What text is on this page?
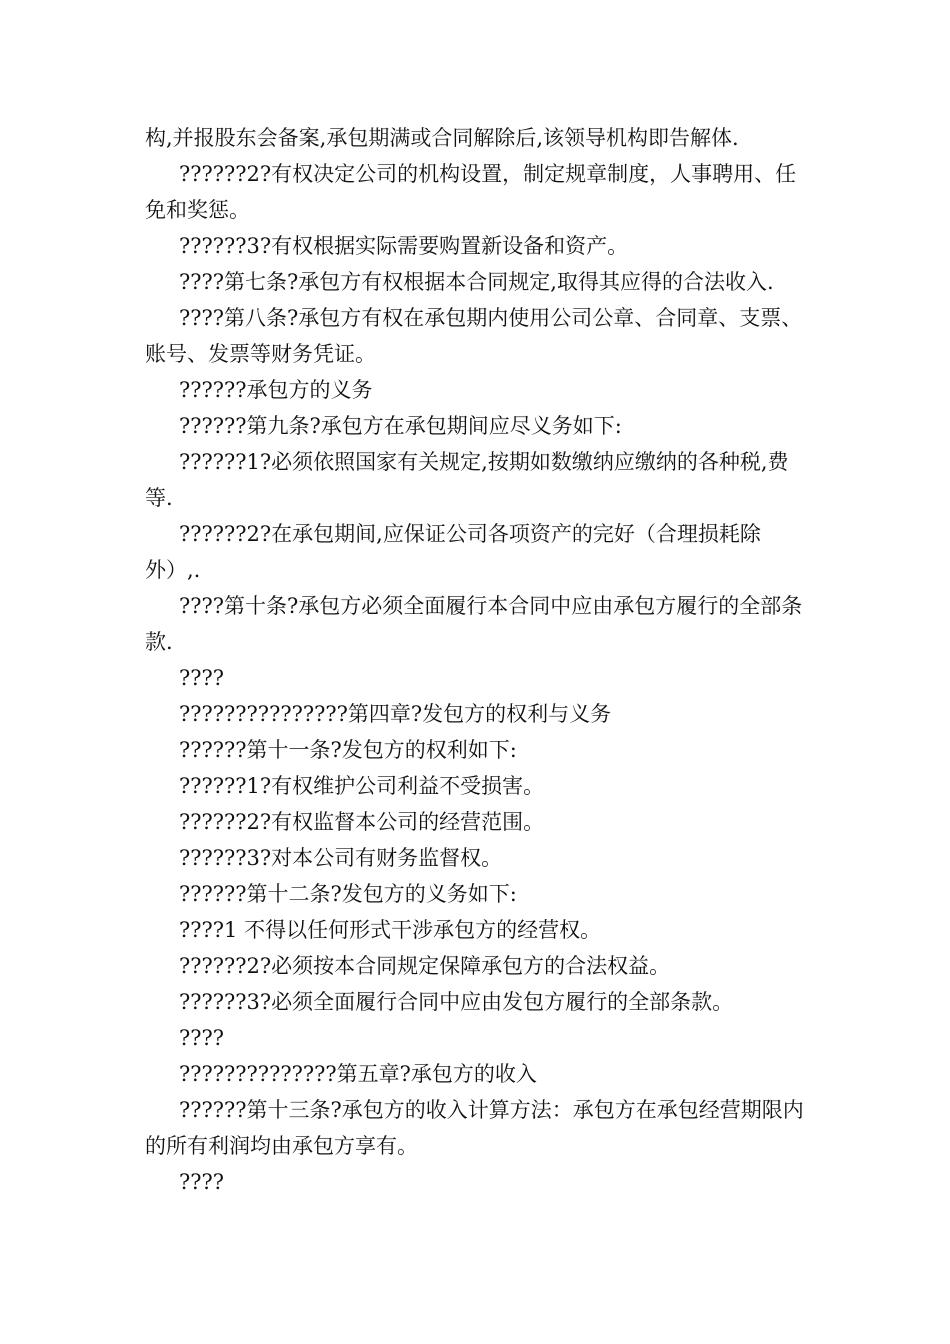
构,并报股东会备案,承包期满或合同解除后,该领导机构即告解体.

??????2?有权决定公司的机构设置，制定规章制度，人事聘用、任免和奖惩。

??????3?有权根据实际需要购置新设备和资产。

????第七条?承包方有权根据本合同规定,取得其应得的合法收入.

????第八条?承包方有权在承包期内使用公司公章、合同章、支票、账号、发票等财务凭证。

??????承包方的义务

??????第九条?承包方在承包期间应尽义务如下:

??????1?必须依照国家有关规定,按期如数缴纳应缴纳的各种税,费等.

??????2?在承包期间,应保证公司各项资产的完好（合理损耗除外）,.

????第十条?承包方必须全面履行本合同中应由承包方履行的全部条款.

????

???????????????第四章?发包方的权利与义务

??????第十一条?发包方的权利如下:

??????1?有权维护公司利益不受损害。

??????2?有权监督本公司的经营范围。

??????3?对本公司有财务监督权。

??????第十二条?发包方的义务如下:

????1 不得以任何形式干涉承包方的经营权。

??????2?必须按本合同规定保障承包方的合法权益。

??????3?必须全面履行合同中应由发包方履行的全部条款。

????

??????????????第五章?承包方的收入

??????第十三条?承包方的收入计算方法：承包方在承包经营期限内的所有利润均由承包方享有。

????
